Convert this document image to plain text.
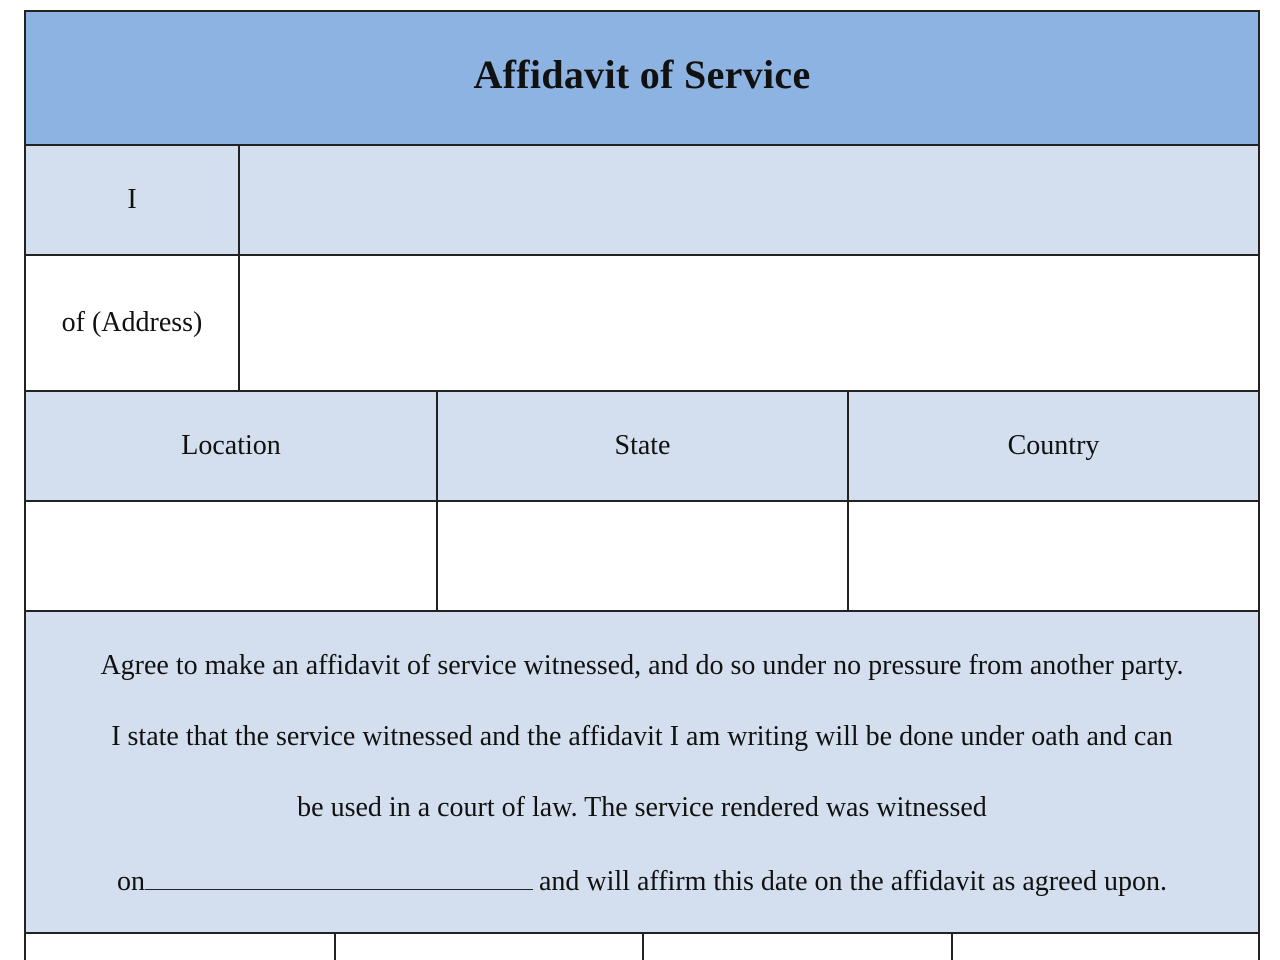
Affidavit of Service
I
of (Address)
Location	State	Country
Agree to make an affidavit of service witnessed, and do so under no pressure from another party.
I state that the service witnessed and the affidavit I am writing will be done under oath and can
be used in a court of law. The service rendered was witnessed
on	and will affirm this date on the affidavit as agreed upon.
